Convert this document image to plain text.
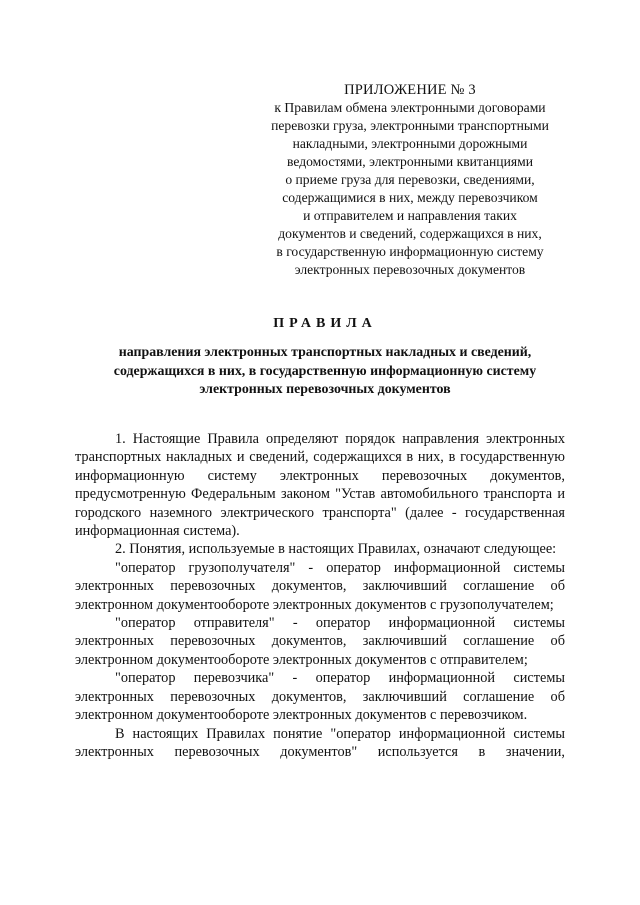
ПРИЛОЖЕНИЕ № 3
к Правилам обмена электронными договорами
перевозки груза, электронными транспортными
накладными, электронными дорожными
ведомостями, электронными квитанциями
о приеме груза для перевозки, сведениями,
содержащимися в них, между перевозчиком
и отправителем и направления таких
документов и сведений, содержащихся в них,
в государственную информационную систему
электронных перевозочных документов
ПРАВИЛА
направления электронных транспортных накладных и сведений,
содержащихся в них, в государственную информационную систему
электронных перевозочных документов

1. Настоящие Правила определяют порядок направления электронных транспортных накладных и сведений, содержащихся в них, в государственную информационную систему электронных перевозочных документов, предусмотренную Федеральным законом "Устав автомобильного транспорта и городского наземного электрического транспорта" (далее - государственная информационная система).

2. Понятия, используемые в настоящих Правилах, означают следующее:

"оператор грузополучателя" - оператор информационной системы электронных перевозочных документов, заключивший соглашение об электронном документообороте электронных документов с грузополучателем;

"оператор отправителя" - оператор информационной системы электронных перевозочных документов, заключивший соглашение об электронном документообороте электронных документов с отправителем;

"оператор перевозчика" - оператор информационной системы электронных перевозочных документов, заключивший соглашение об электронном документообороте электронных документов с перевозчиком.

В настоящих Правилах понятие "оператор информационной системы электронных перевозочных документов" используется в значении,
